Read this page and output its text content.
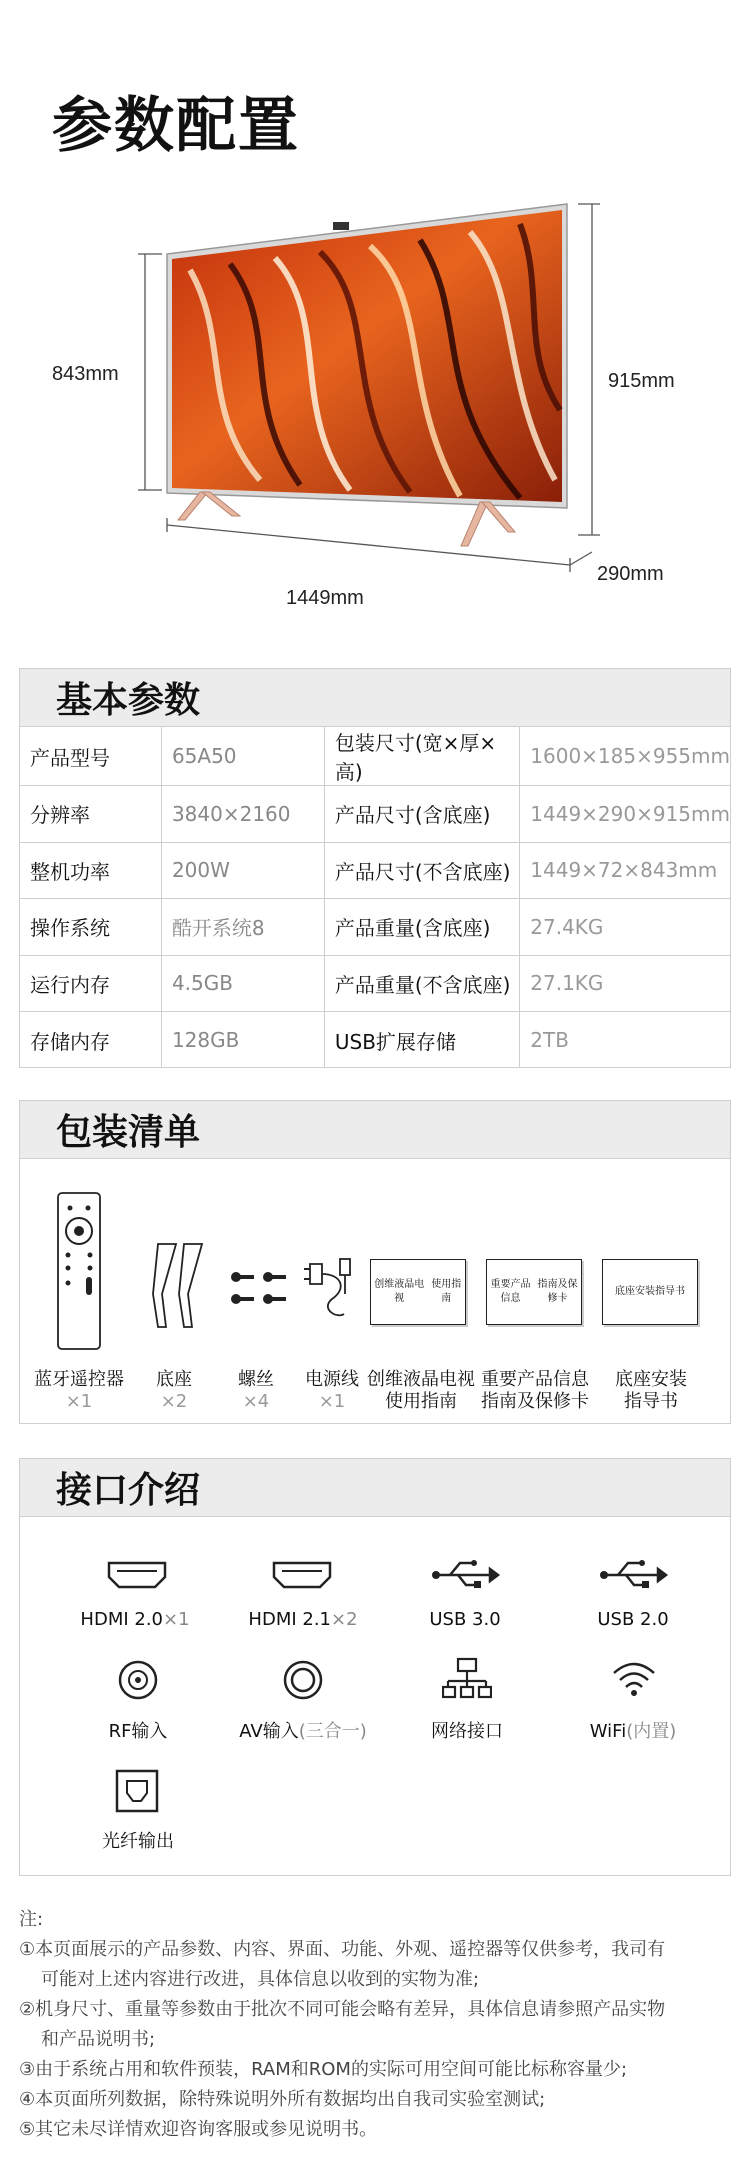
参数配置
843mm	915mm
290mm
1449mm
基本参数
产品型号	65A50	包装尺寸(宽×厚×高)	1600×185×955mm
分辨率	3840×2160	产品尺寸(含底座)	1449×290×915mm
整机功率	200W	产品尺寸(不含底座)	1449×72×843mm
操作系统	酷开系统8	产品重量(含底座)	27.4KG
运行内存	4.5GB	产品重量(不含底座)	27.1KG
存储内存	128GB	USB扩展存储	2TB
包装清单
创维液晶电视

使用指南
重要产品信息

指南及保修卡
底座安装指导书
蓝牙遥控器
×1
底座
×2
螺丝
×4
电源线
×1
创维液晶电视
使用指南
重要产品信息
指南及保修卡
底座安装
指导书
接口介绍
HDMI 2.0×1	HDMI 2.1×2	USB 3.0	USB 2.0
RF输入	AV输入(三合一)	网络接口	WiFi(内置)
光纤输出
注:
①本页面展示的产品参数、内容、界面、功能、外观、遥控器等仅供参考，我司有
可能对上述内容进行改进，具体信息以收到的实物为准;
②机身尺寸、重量等参数由于批次不同可能会略有差异，具体信息请参照产品实物
和产品说明书;
③由于系统占用和软件预装，RAM和ROM的实际可用空间可能比标称容量少;
④本页面所列数据，除特殊说明外所有数据均出自我司实验室测试;
⑤其它未尽详情欢迎咨询客服或参见说明书。
